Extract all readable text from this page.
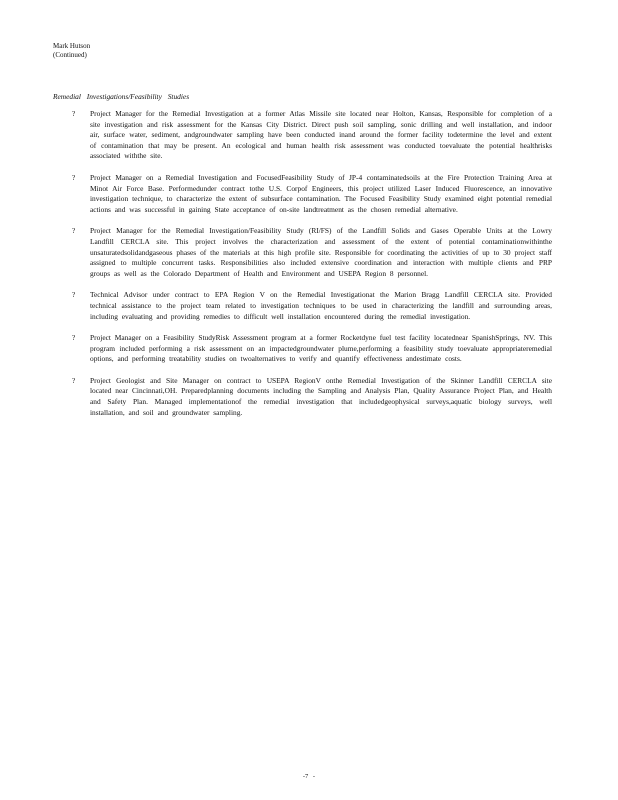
Mark Hutson
(Continued)
Remedial Investigations/Feasibility Studies
? Project Manager for the Remedial Investigation at a former Atlas Missile site located near Holton, Kansas, Responsible for completion of a site investigation and risk assessment for the Kansas City District. Direct push soil sampling, sonic drilling and well installation, and indoor air, surface water, sediment, andgroundwater sampling have been conducted inand around the former facility todetermine the level and extent of contamination that may be present. An ecological and human health risk assessment was conducted toevaluate the potential healthrisks associated withthe site.
? Project Manager on a Remedial Investigation and FocusedFeasibility Study of JP-4 contaminatedsoils at the Fire Protection Training Area at Minot Air Force Base. Performedunder contract tothe U.S. Corpof Engineers, this project utilized Laser Induced Fluorescence, an innovative investigation technique, to characterize the extent of subsurface contamination. The Focused Feasibility Study examined eight potential remedial actions and was successful in gaining State acceptance of on-site landtreatment as the chosen remedial alternative.
? Project Manager for the Remedial Investigation/Feasibility Study (RI/FS) of the Landfill Solids and Gases Operable Units at the Lowry Landfill CERCLA site. This project involves the characterization and assessment of the extent of potential contaminationwithinthe unsaturatedsolidandgaseous phases of the materials at this high profile site. Responsible for coordinating the activities of up to 30 project staff assigned to multiple concurrent tasks. Responsibilities also included extensive coordination and interaction with multiple clients and PRP groups as well as the Colorado Department of Health and Environment and USEPA Region 8 personnel.
? Technical Advisor under contract to EPA Region V on the Remedial Investigationat the Marion Bragg Landfill CERCLA site. Provided technical assistance to the project team related to investigation techniques to be used in characterizing the landfill and surrounding areas, including evaluating and providing remedies to difficult well installation encountered during the remedial investigation.
? Project Manager on a Feasibility StudyRisk Assessment program at a former Rocketdyne fuel test facility locatednear SpanishSprings, NV. This program included performing a risk assessment on an impactedgroundwater plume,performing a feasibility study toevaluate appropriateremedial options, and performing treatability studies on twoalternatives to verify and quantify effectiveness andestimate costs.
? Project Geologist and Site Manager on contract to USEPA RegionV onthe Remedial Investigation of the Skinner Landfill CERCLA site located near Cincinnati,OH. Preparedplanning documents including the Sampling and Analysis Plan, Quality Assurance Project Plan, and Health and Safety Plan. Managed implementationof the remedial investigation that includedgeophysical surveys,aquatic biology surveys, well installation, and soil and groundwater sampling.
-7 -
